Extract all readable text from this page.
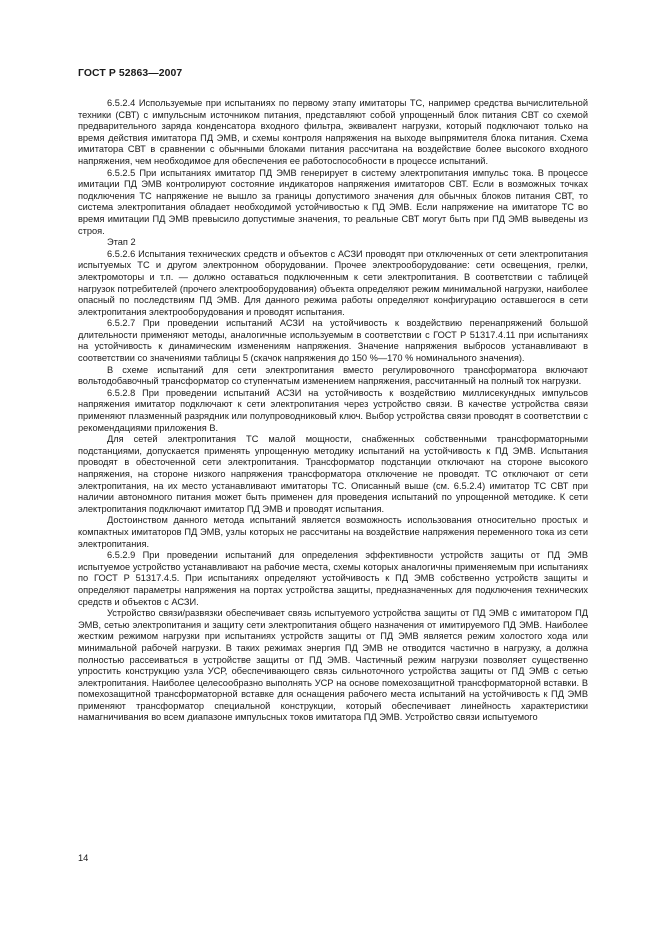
ГОСТ Р 52863—2007

6.5.2.4 Используемые при испытаниях по первому этапу имитаторы ТС, например средства вычислительной техники (СВТ) с импульсным источником питания, представляют собой упрощенный блок питания СВТ со схемой предварительного заряда конденсатора входного фильтра, эквивалент нагрузки, который подключают только на время действия имитатора ПД ЭМВ, и схемы контроля напряжения на выходе выпрямителя блока питания. Схема имитатора СВТ в сравнении с обычными блоками питания рассчитана на воздействие более высокого входного напряжения, чем необходимое для обеспечения ее работоспособности в процессе испытаний.

6.5.2.5 При испытаниях имитатор ПД ЭМВ генерирует в систему электропитания импульс тока. В процессе имитации ПД ЭМВ контролируют состояние индикаторов напряжения имитаторов СВТ. Если в возможных точках подключения ТС напряжение не вышло за границы допустимого значения для обычных блоков питания СВТ, то система электропитания обладает необходимой устойчивостью к ПД ЭМВ. Если напряжение на имитаторе ТС во время имитации ПД ЭМВ превысило допустимые значения, то реальные СВТ могут быть при ПД ЭМВ выведены из строя.

Этап 2

6.5.2.6 Испытания технических средств и объектов с АСЗИ проводят при отключенных от сети электропитания испытуемых ТС и другом электронном оборудовании. Прочее электрооборудование: сети освещения, грелки, электромоторы и т.п. — должно оставаться подключенным к сети электропитания. В соответствии с таблицей нагрузок потребителей (прочего электрооборудования) объекта определяют режим минимальной нагрузки, наиболее опасный по последствиям ПД ЭМВ. Для данного режима работы определяют конфигурацию оставшегося в сети электропитания электрооборудования и проводят испытания.

6.5.2.7 При проведении испытаний АСЗИ на устойчивость к воздействию перенапряжений большой длительности применяют методы, аналогичные используемым в соответствии с ГОСТ Р 51317.4.11 при испытаниях на устойчивость к динамическим изменениям напряжения. Значение напряжения выбросов устанавливают в соответствии со значениями таблицы 5 (скачок напряжения до 150 %—170 % номинального значения).

В схеме испытаний для сети электропитания вместо регулировочного трансформатора включают вольтодобавочный трансформатор со ступенчатым изменением напряжения, рассчитанный на полный ток нагрузки.

6.5.2.8 При проведении испытаний АСЗИ на устойчивость к воздействию миллисекундных импульсов напряжения имитатор подключают к сети электропитания через устройство связи. В качестве устройства связи применяют плазменный разрядник или полупроводниковый ключ. Выбор устройства связи проводят в соответствии с рекомендациями приложения В.

Для сетей электропитания ТС малой мощности, снабженных собственными трансформаторными подстанциями, допускается применять упрощенную методику испытаний на устойчивость к ПД ЭМВ. Испытания проводят в обесточенной сети электропитания. Трансформатор подстанции отключают на стороне высокого напряжения, на стороне низкого напряжения трансформатора отключение не проводят. ТС отключают от сети электропитания, на их место устанавливают имитаторы ТС. Описанный выше (см. 6.5.2.4) имитатор ТС СВТ при наличии автономного питания может быть применен для проведения испытаний по упрощенной методике. К сети электропитания подключают имитатор ПД ЭМВ и проводят испытания.

Достоинством данного метода испытаний является возможность использования относительно простых и компактных имитаторов ПД ЭМВ, узлы которых не рассчитаны на воздействие напряжения переменного тока из сети электропитания.

6.5.2.9 При проведении испытаний для определения эффективности устройств защиты от ПД ЭМВ испытуемое устройство устанавливают на рабочие места, схемы которых аналогичны применяемым при испытаниях по ГОСТ Р 51317.4.5. При испытаниях определяют устойчивость к ПД ЭМВ собственно устройств защиты и определяют параметры напряжения на портах устройства защиты, предназначенных для подключения технических средств и объектов с АСЗИ.

Устройство связи/развязки обеспечивает связь испытуемого устройства защиты от ПД ЭМВ с имитатором ПД ЭМВ, сетью электропитания и защиту сети электропитания общего назначения от имитируемого ПД ЭМВ. Наиболее жестким режимом нагрузки при испытаниях устройств защиты от ПД ЭМВ является режим холостого хода или минимальной рабочей нагрузки. В таких режимах энергия ПД ЭМВ не отводится частично в нагрузку, а должна полностью рассеиваться в устройстве защиты от ПД ЭМВ. Частичный режим нагрузки позволяет существенно упростить конструкцию узла УСР, обеспечивающего связь сильноточного устройства защиты от ПД ЭМВ с сетью электропитания. Наиболее целесообразно выполнять УСР на основе помехозащитной трансформаторной вставки. В помехозащитной трансформаторной вставке для оснащения рабочего места испытаний на устойчивость к ПД ЭМВ применяют трансформатор специальной конструкции, который обеспечивает линейность характеристики намагничивания во всем диапазоне импульсных токов имитатора ПД ЭМВ. Устройство связи испытуемого

14
